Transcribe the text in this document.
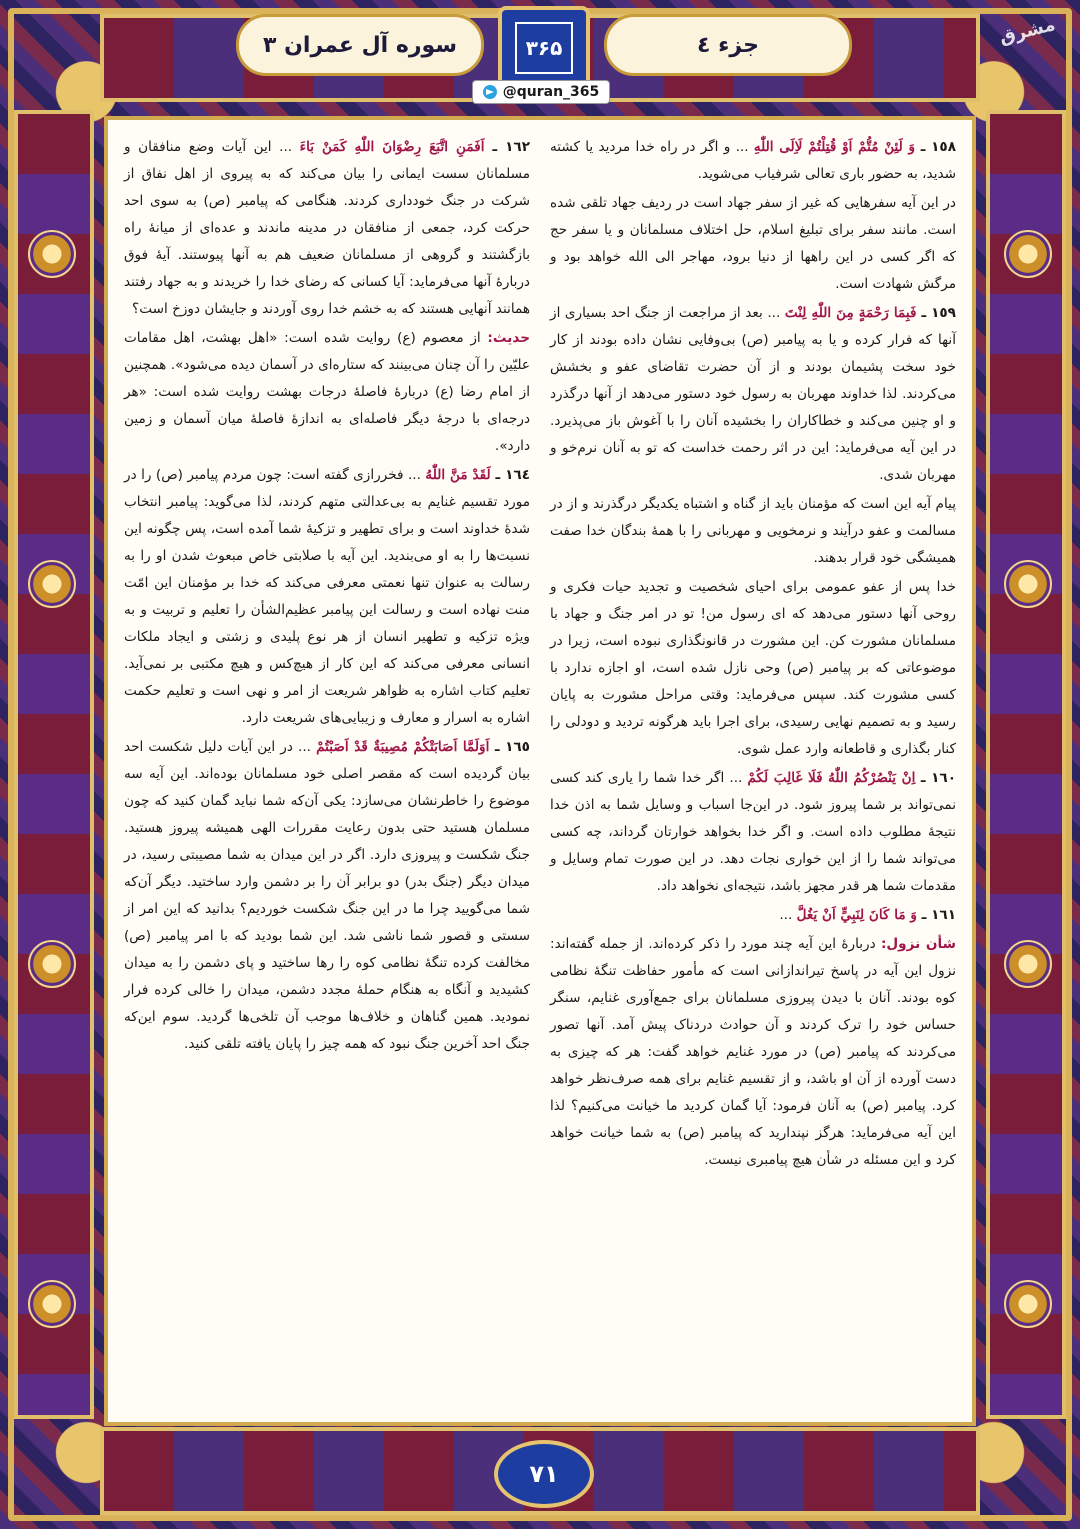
سوره آل عمران ٣	۳۶۵	جزء ٤
@quran_365
مشرق

١٥٨ ـ وَ لَئِنْ مُتُّمْ اَوْ قُتِلْتُمْ لَاِلَى اللّٰهِ ... و اگر در راه خدا مردید یا کشته شدید، به حضور باری تعالی شرفیاب می‌شوید.

در این آیه سفرهایی که غیر از سفر جهاد است در ردیف جهاد تلقی شده است. مانند سفر برای تبلیغ اسلام، حل اختلاف مسلمانان و یا سفر حج که اگر کسی در این راهها از دنیا برود، مهاجر الی الله خواهد بود و مرگش شهادت است.

١٥٩ ـ فَبِمَا رَحْمَةٍ مِنَ اللّٰهِ لِنْتَ ... بعد از مراجعت از جنگ احد بسیاری از آنها که فرار کرده و یا به پیامبر (ص) بی‌وفایی نشان داده بودند از کار خود سخت پشیمان بودند و از آن حضرت تقاضای عفو و بخشش می‌کردند. لذا خداوند مهربان به رسول خود دستور می‌دهد از آنها درگذرد و او چنین می‌کند و خطاکاران را بخشیده آنان را با آغوش باز می‌پذیرد. در این آیه می‌فرماید: این در اثر رحمت خداست که تو به آنان نرم‌خو و مهربان شدی.

پیام آیه این است که مؤمنان باید از گناه و اشتباه یکدیگر درگذرند و از در مسالمت و عفو درآیند و نرمخویی و مهربانی را با همهٔ بندگان خدا صفت همیشگی خود قرار بدهند.

خدا پس از عفو عمومی برای احیای شخصیت و تجدید حیات فکری و روحی آنها دستور می‌دهد که ای رسول من! تو در امر جنگ و جهاد با مسلمانان مشورت کن. این مشورت در قانونگذاری نبوده است، زیرا در موضوعاتی که بر پیامبر (ص) وحی نازل شده است، او اجازه ندارد با کسی مشورت کند. سپس می‌فرماید: وقتی مراحل مشورت به پایان رسید و به تصمیم نهایی رسیدی، برای اجرا باید هرگونه تردید و دودلی را کنار بگذاری و قاطعانه وارد عمل شوی.

١٦٠ ـ اِنْ يَنْصُرْكُمُ اللّٰهُ فَلَا غَالِبَ لَكُمْ ... اگر خدا شما را یاری کند کسی نمی‌تواند بر شما پیروز شود. در این‌جا اسباب و وسایل شما به اذن خدا نتیجهٔ مطلوب داده است. و اگر خدا بخواهد خوارتان گرداند، چه کسی می‌تواند شما را از این خواری نجات دهد. در این صورت تمام وسایل و مقدمات شما هر قدر مجهز باشد، نتیجه‌ای نخواهد داد.

١٦١ ـ وَ مَا كَانَ لِنَبِيٍّ اَنْ يَغُلَّ ...

شأن نزول: دربارهٔ این آیه چند مورد را ذکر کرده‌اند. از جمله گفته‌اند: نزول این آیه در پاسخ تیراندازانی است که مأمور حفاظت تنگهٔ نظامی کوه بودند. آنان با دیدن پیروزی مسلمانان برای جمع‌آوری غنایم، سنگر حساس خود را ترک کردند و آن حوادث دردناک پیش آمد. آنها تصور می‌کردند که پیامبر (ص) در مورد غنایم خواهد گفت: هر که چیزی به دست آورده از آن او باشد، و از تقسیم غنایم برای همه صرف‌نظر خواهد کرد. پیامبر (ص) به آنان فرمود: آیا گمان کردید ما خیانت می‌کنیم؟ لذا این آیه می‌فرماید: هرگز نپندارید که پیامبر (ص) به شما خیانت خواهد کرد و این مسئله در شأن هیچ پیامبری نیست.

١٦٢ ـ اَفَمَنِ اتَّبَعَ رِضْوَانَ اللّٰهِ كَمَنْ بَاءَ ... این آیات وضع منافقان و مسلمانان سست ایمانی را بیان می‌کند که به پیروی از اهل نفاق از شرکت در جنگ خودداری کردند. هنگامی که پیامبر (ص) به سوی احد حرکت کرد، جمعی از منافقان در مدینه ماندند و عده‌ای از میانهٔ راه بازگشتند و گروهی از مسلمانان ضعیف هم به آنها پیوستند. آیهٔ فوق دربارهٔ آنها می‌فرماید: آیا کسانی که رضای خدا را خریدند و به جهاد رفتند همانند آنهایی هستند که به خشم خدا روی آوردند و جایشان دوزخ است؟

حدیث: از معصوم (ع) روایت شده است: «اهل بهشت، اهل مقامات علیّین را آن چنان می‌بینند که ستاره‌ای در آسمان دیده می‌شود». همچنین از امام رضا (ع) دربارهٔ فاصلهٔ درجات بهشت روایت شده است: «هر درجه‌ای با درجهٔ دیگر فاصله‌ای به اندازهٔ فاصلهٔ میان آسمان و زمین دارد».

١٦٤ ـ لَقَدْ مَنَّ اللّٰهُ ... فخررازی گفته است: چون مردم پیامبر (ص) را در مورد تقسیم غنایم به بی‌عدالتی متهم کردند، لذا می‌گوید: پیامبر انتخاب شدهٔ خداوند است و برای تطهیر و تزکیهٔ شما آمده است، پس چگونه این نسبت‌ها را به او می‌بندید. این آیه با صلابتی خاص مبعوث شدن او را به رسالت به عنوان تنها نعمتی معرفی می‌کند که خدا بر مؤمنان این امّت منت نهاده است و رسالت این پیامبر عظیم‌الشأن را تعلیم و تربیت و به ویژه تزکیه و تطهیر انسان از هر نوع پلیدی و زشتی و ایجاد ملکات انسانی معرفی می‌کند که این کار از هیچ‌کس و هیچ مکتبی بر نمی‌آید. تعلیم کتاب اشاره به ظواهر شریعت از امر و نهی است و تعلیم حکمت اشاره به اسرار و معارف و زیبایی‌های شریعت دارد.

١٦٥ ـ اَوَلَمَّا اَصَابَتْكُمْ مُصِيبَةٌ قَدْ اَصَبْتُمْ ... در این آیات دلیل شکست احد بیان گردیده است که مقصر اصلی خود مسلمانان بوده‌اند. این آیه سه موضوع را خاطرنشان می‌سازد: یکی آن‌که شما نباید گمان کنید که چون مسلمان هستید حتی بدون رعایت مقررات الهی همیشه پیروز هستید. جنگ شکست و پیروزی دارد. اگر در این میدان به شما مصیبتی رسید، در میدان دیگر (جنگ بدر) دو برابر آن را بر دشمن وارد ساختید. دیگر آن‌که شما می‌گویید چرا ما در این جنگ شکست خوردیم؟ بدانید که این امر از سستی و قصور شما ناشی شد. این شما بودید که با امر پیامبر (ص) مخالفت کرده تنگهٔ نظامی کوه را رها ساختید و پای دشمن را به میدان کشیدید و آنگاه به هنگام حملهٔ مجدد دشمن، میدان را خالی کرده فرار نمودید. همین گناهان و خلاف‌ها موجب آن تلخی‌ها گردید. سوم این‌که جنگ احد آخرین جنگ نبود که همه چیز را پایان یافته تلقی کنید.

٧١
